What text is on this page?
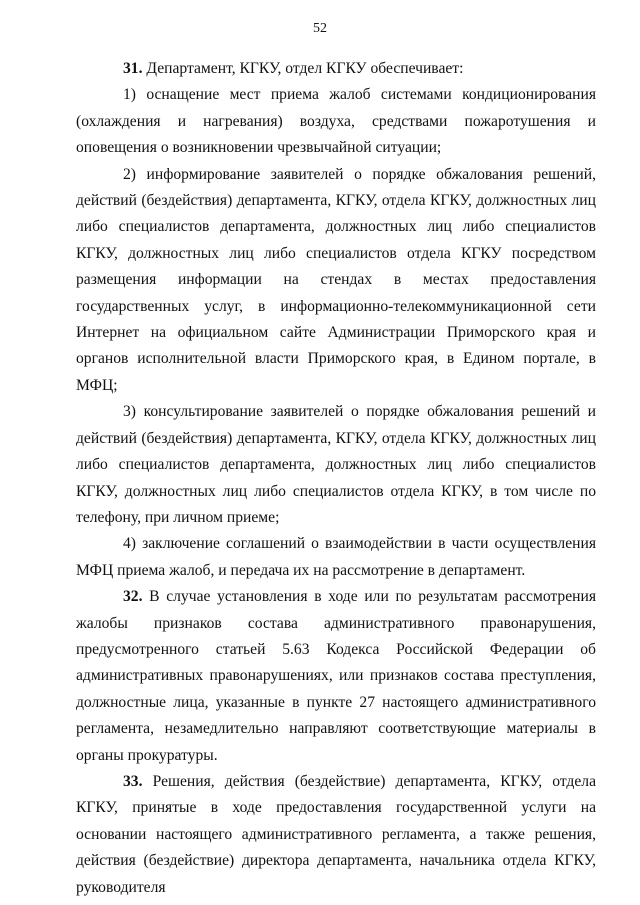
52

31. Департамент, КГКУ, отдел КГКУ обеспечивает:

1) оснащение мест приема жалоб системами кондиционирования (охлаждения и нагревания) воздуха, средствами пожаротушения и оповещения о возникновении чрезвычайной ситуации;

2) информирование заявителей о порядке обжалования решений, действий (бездействия) департамента, КГКУ, отдела КГКУ, должностных лиц либо специалистов департамента, должностных лиц либо специалистов КГКУ, должностных лиц либо специалистов отдела КГКУ посредством размещения информации на стендах в местах предоставления государственных услуг, в информационно-телекоммуникационной сети Интернет на официальном сайте Администрации Приморского края и органов исполнительной власти Приморского края, в Едином портале, в МФЦ;

3) консультирование заявителей о порядке обжалования решений и действий (бездействия) департамента, КГКУ, отдела КГКУ, должностных лиц либо специалистов департамента, должностных лиц либо специалистов КГКУ, должностных лиц либо специалистов отдела КГКУ, в том числе по телефону, при личном приеме;

4) заключение соглашений о взаимодействии в части осуществления МФЦ приема жалоб, и передача их на рассмотрение в департамент.

32. В случае установления в ходе или по результатам рассмотрения жалобы признаков состава административного правонарушения, предусмотренного статьей 5.63 Кодекса Российской Федерации об административных правонарушениях, или признаков состава преступления, должностные лица, указанные в пункте 27 настоящего административного регламента, незамедлительно направляют соответствующие материалы в органы прокуратуры.

33. Решения, действия (бездействие) департамента, КГКУ, отдела КГКУ, принятые в ходе предоставления государственной услуги на основании настоящего административного регламента, а также решения, действия (бездействие) директора департамента, начальника отдела КГКУ, руководителя
